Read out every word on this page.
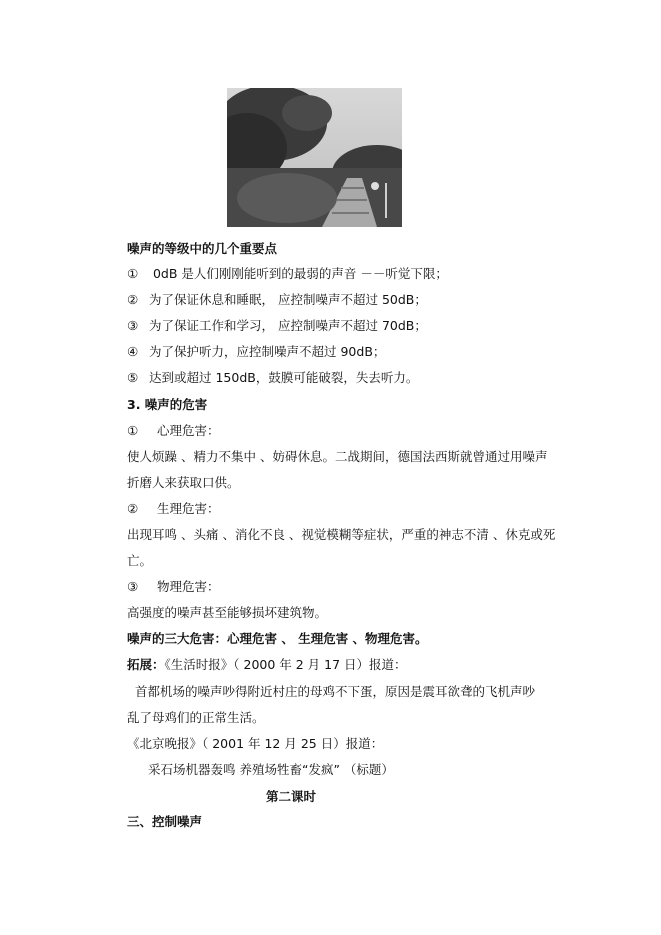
噪声的等级中的几个重要点
① 0dB 是人们刚刚能听到的最弱的声音 －－听觉下限；
② 为了保证休息和睡眠， 应控制噪声不超过 50dB；
③ 为了保证工作和学习， 应控制噪声不超过 70dB；
④ 为了保护听力，应控制噪声不超过 90dB；
⑤ 达到或超过 150dB，鼓膜可能破裂，失去听力。
3. 噪声的危害
① 心理危害：
使人烦躁 、精力不集中 、妨碍休息。二战期间，德国法西斯就曾通过用噪声
折磨人来获取口供。
② 生理危害：
出现耳鸣 、头痛 、消化不良 、视觉模糊等症状，严重的神志不清 、休克或死
亡。
③ 物理危害：
高强度的噪声甚至能够损坏建筑物。
噪声的三大危害：心理危害 、 生理危害 、物理危害。
拓展：《生活时报》（ 2000 年 2 月 17 日）报道：
首都机场的噪声吵得附近村庄的母鸡不下蛋，原因是震耳欲聋的飞机声吵
乱了母鸡们的正常生活。
《北京晚报》（ 2001 年 12 月 25 日）报道：
采石场机器轰鸣 养殖场牲畜“发疯” （标题）
第二课时
三、控制噪声
